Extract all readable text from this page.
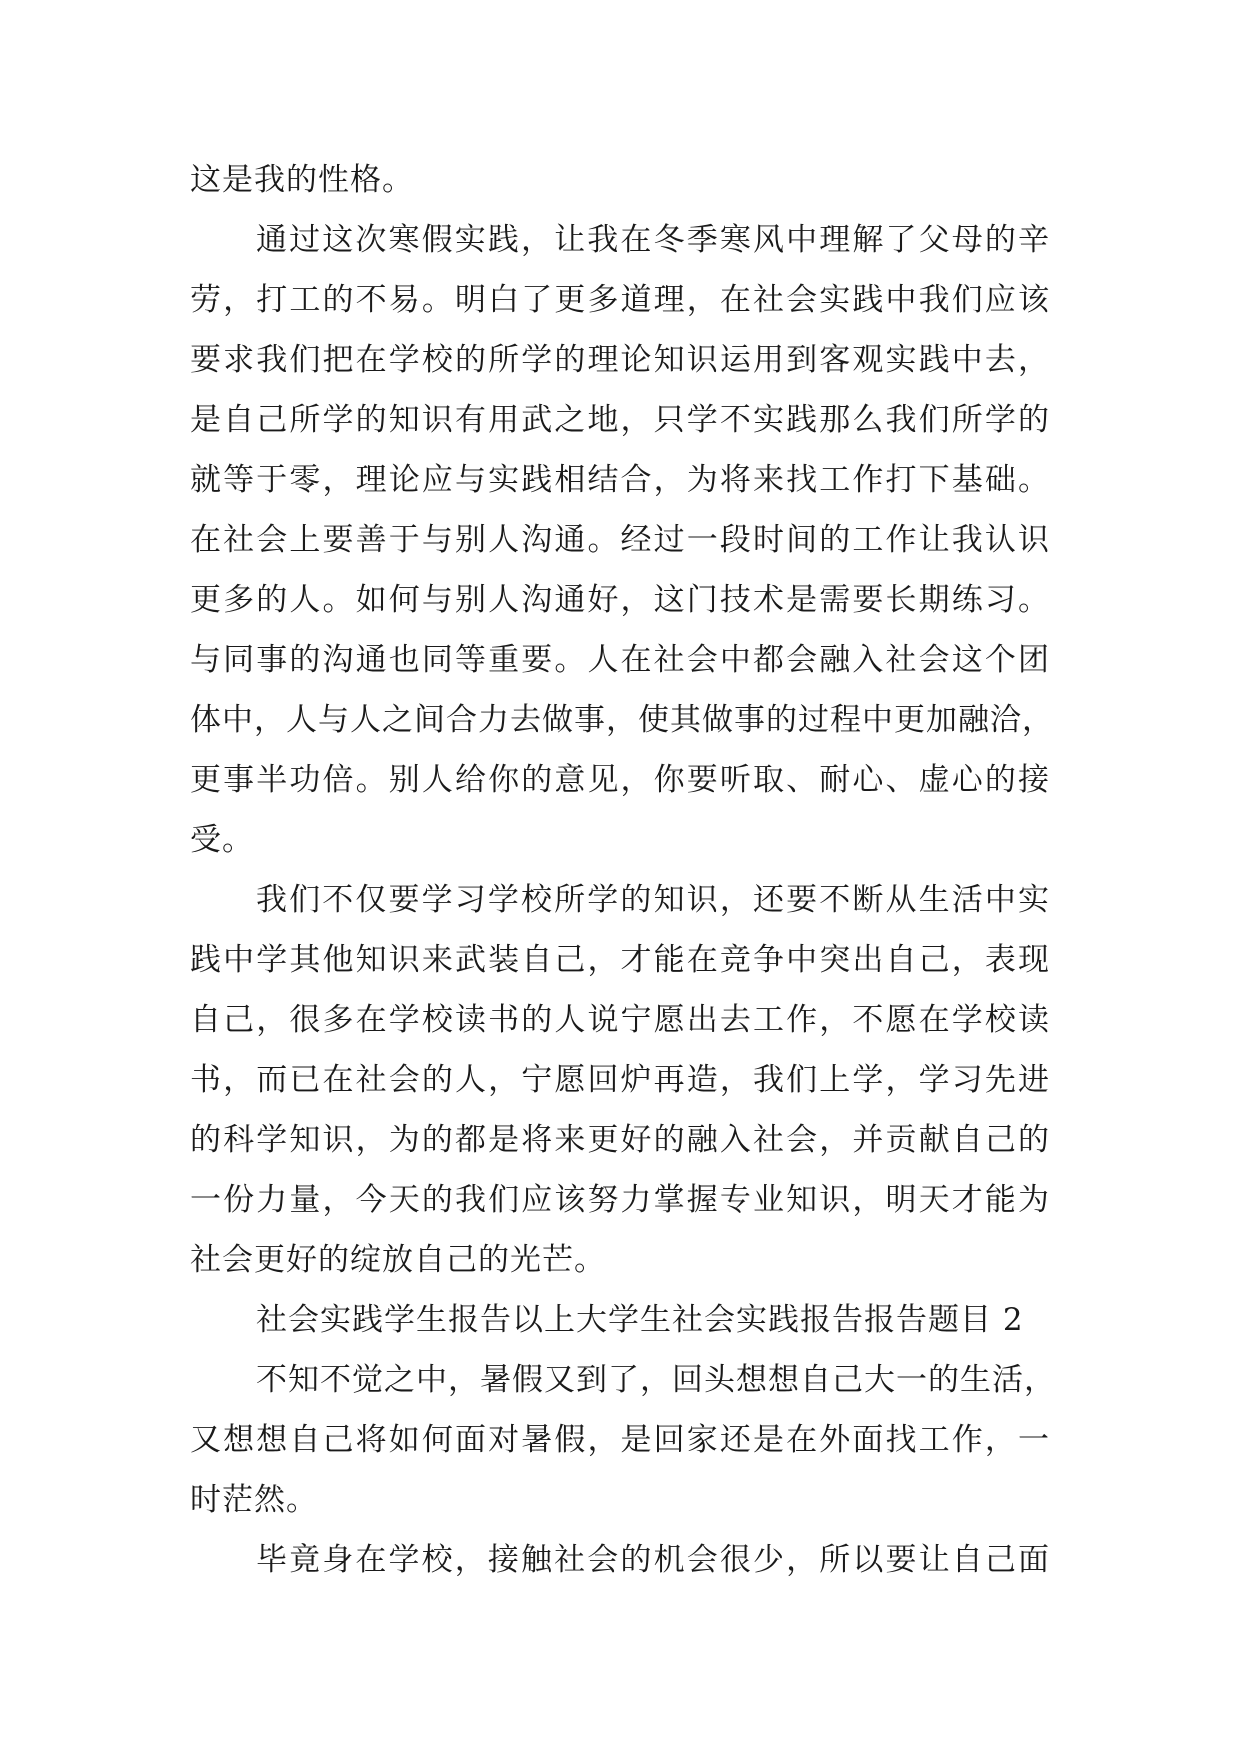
这是我的性格。
通过这次寒假实践，让我在冬季寒风中理解了父母的辛
劳，打工的不易。明白了更多道理，在社会实践中我们应该
要求我们把在学校的所学的理论知识运用到客观实践中去，
是自己所学的知识有用武之地，只学不实践那么我们所学的
就等于零，理论应与实践相结合，为将来找工作打下基础。
在社会上要善于与别人沟通。经过一段时间的工作让我认识
更多的人。如何与别人沟通好，这门技术是需要长期练习。
与同事的沟通也同等重要。人在社会中都会融入社会这个团
体中，人与人之间合力去做事，使其做事的过程中更加融洽，
更事半功倍。别人给你的意见，你要听取、耐心、虚心的接
受。
我们不仅要学习学校所学的知识，还要不断从生活中实
践中学其他知识来武装自己，才能在竞争中突出自己，表现
自己，很多在学校读书的人说宁愿出去工作，不愿在学校读
书，而已在社会的人，宁愿回炉再造，我们上学，学习先进
的科学知识，为的都是将来更好的融入社会，并贡献自己的
一份力量，今天的我们应该努力掌握专业知识，明天才能为
社会更好的绽放自己的光芒。
社会实践学生报告以上大学生社会实践报告报告题目 2
不知不觉之中，暑假又到了，回头想想自己大一的生活，
又想想自己将如何面对暑假，是回家还是在外面找工作，一
时茫然。
毕竟身在学校，接触社会的机会很少，所以要让自己面
